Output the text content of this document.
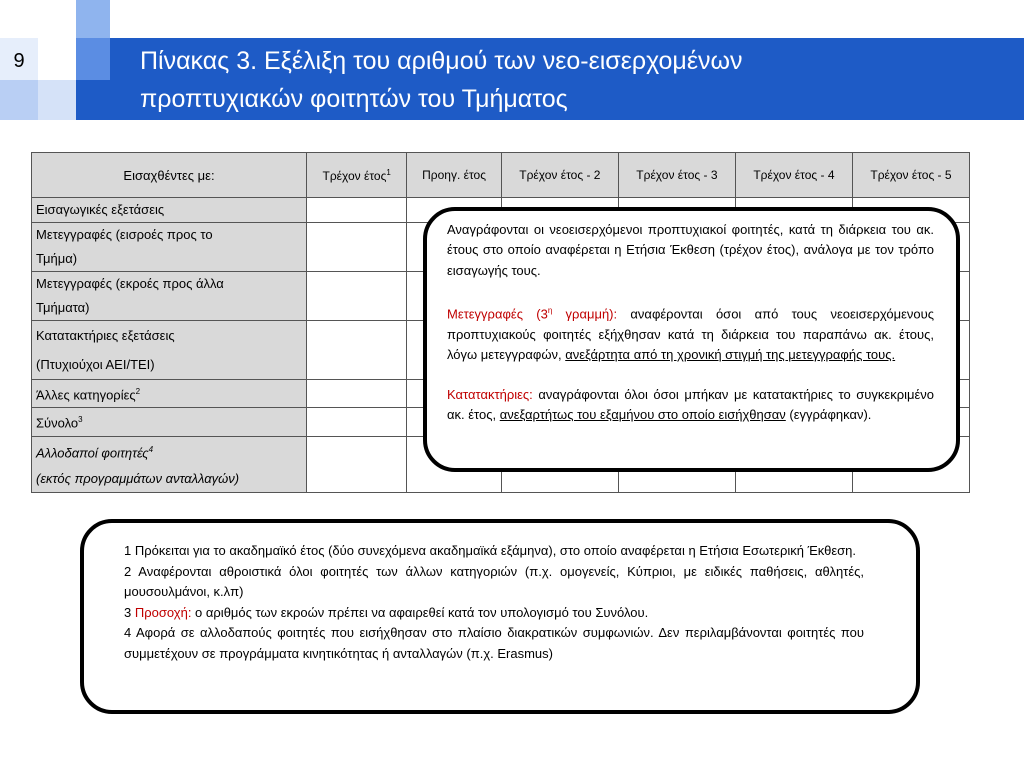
9	Πίνακας 3. Εξέλιξη του αριθμού των νεο-εισερχομένων
προπτυχιακών φοιτητών του Τμήματος
Εισαχθέντες με:	Τρέχον έτος$^1$	Προηγ. έτος	Τρέχον έτος - 2	Τρέχον έτος - 3	Τρέχον έτος - 4	Τρέχον έτος - 5
Εισαγωγικές εξετάσεις						
Μετεγγραφές (εισροές προς το
Τμήμα)						
Μετεγγραφές (εκροές προς άλλα
Τμήματα)						
Κατατακτήριες εξετάσεις
(Πτυχιούχοι ΑΕΙ/ΤΕΙ)						
Άλλες κατηγορίες$^2$						
Σύνολο$^3$						
Αλλοδαποί φοιτητές$^4$
(εκτός προγραμμάτων ανταλλαγών)						

Αναγράφονται οι νεοεισερχόμενοι προπτυχιακοί φοιτητές, κατά τη διάρκεια του ακ. έτους στο οποίο αναφέρεται η Ετήσια Έκθεση (τρέχον έτος), ανάλογα με τον τρόπο εισαγωγής τους.

Μετεγγραφές ($3^\eta$ γραμμή): αναφέρονται όσοι από τους νεοεισερχόμενους προπτυχιακούς φοιτητές εξήχθησαν κατά τη διάρκεια του παραπάνω ακ. έτους, λόγω μετεγγραφών, ανεξάρτητα από τη χρονική στιγμή της μετεγγραφής τους.

Κατατακτήριες: αναγράφονται όλοι όσοι μπήκαν με κατατακτήριες το συγκεκριμένο ακ. έτος, ανεξαρτήτως του εξαμήνου στο οποίο εισήχθησαν (εγγράφηκαν).

1 Πρόκειται για το ακαδημαϊκό έτος (δύο συνεχόμενα ακαδημαϊκά εξάμηνα), στο οποίο αναφέρεται η Ετήσια Εσωτερική Έκθεση.

2 Αναφέρονται αθροιστικά όλοι φοιτητές των άλλων κατηγοριών (π.χ. ομογενείς, Κύπριοι, με ειδικές παθήσεις, αθλητές, μουσουλμάνοι, κ.λπ)

3 Προσοχή: ο αριθμός των εκροών πρέπει να αφαιρεθεί κατά τον υπολογισμό του Συνόλου.

4 Αφορά σε αλλοδαπούς φοιτητές που εισήχθησαν στο πλαίσιο διακρατικών συμφωνιών. Δεν περιλαμβάνονται φοιτητές που συμμετέχουν σε προγράμματα κινητικότητας ή ανταλλαγών (π.χ. Erasmus)
